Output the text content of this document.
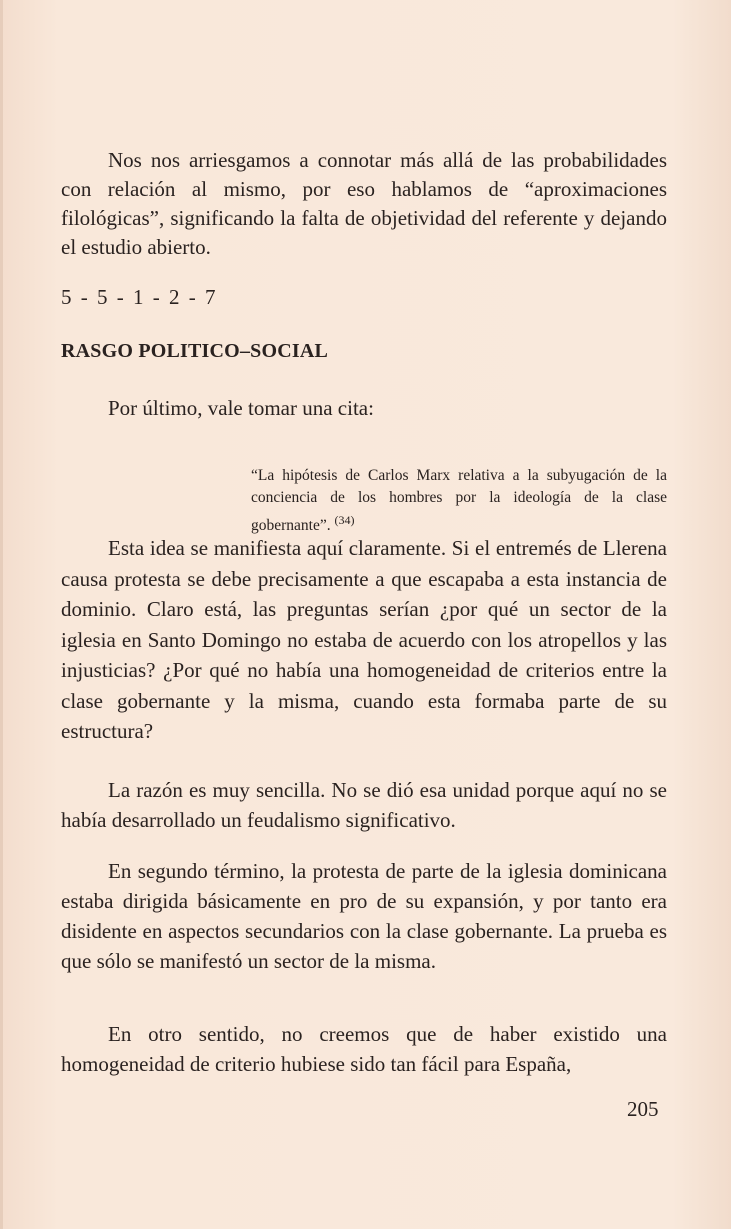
Nos nos arriesgamos a connotar más allá de las probabilidades con relación al mismo, por eso hablamos de “aproximaciones filológicas”, significando la falta de objetividad del referente y dejando el estudio abierto.

5 - 5 - 1 - 2 - 7
RASGO POLITICO–SOCIAL
Por último, vale tomar una cita:

“La hipótesis de Carlos Marx relativa a la subyugación de la conciencia de los hombres por la ideología de la clase gobernante”. $^{(34)}$

Esta idea se manifiesta aquí claramente. Si el entremés de Llerena causa protesta se debe precisamente a que escapaba a esta instancia de dominio. Claro está, las preguntas serían ¿por qué un sector de la iglesia en Santo Domingo no estaba de acuerdo con los atropellos y las injusticias? ¿Por qué no había una homogeneidad de criterios entre la clase gobernante y la misma, cuando esta formaba parte de su estructura?

La razón es muy sencilla. No se dió esa unidad porque aquí no se había desarrollado un feudalismo significativo.

En segundo término, la protesta de parte de la iglesia dominicana estaba dirigida básicamente en pro de su expansión, y por tanto era disidente en aspectos secundarios con la clase gobernante. La prueba es que sólo se manifestó un sector de la misma.

En otro sentido, no creemos que de haber existido una homogeneidad de criterio hubiese sido tan fácil para España,

205
